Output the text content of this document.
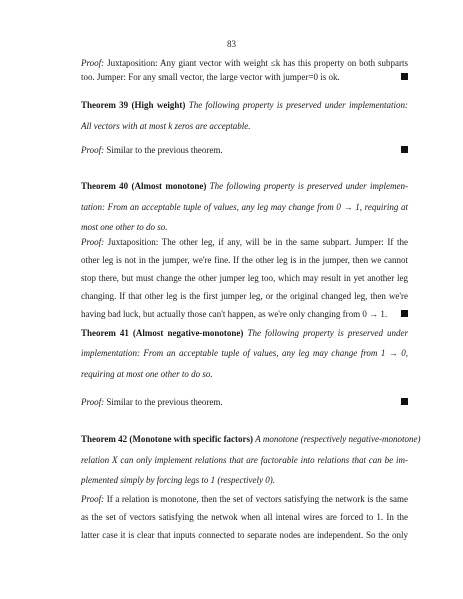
83
Proof: Juxtaposition: Any giant vector with weight ≤k has this property on both subparts
too. Jumper: For any small vector, the large vector with jumper=0 is ok.
Theorem 39 (High weight) The following property is preserved under implementation:
All vectors with at most k zeros are acceptable.
Proof: Similar to the previous theorem.
Theorem 40 (Almost monotone) The following property is preserved under implemen-
tation: From an acceptable tuple of values, any leg may change from 0 → 1, requiring at
most one other to do so.
Proof: Juxtaposition: The other leg, if any, will be in the same subpart. Jumper: If the
other leg is not in the jumper, we're fine. If the other leg is in the jumper, then we cannot
stop there, but must change the other jumper leg too, which may result in yet another leg
changing. If that other leg is the first jumper leg, or the original changed leg, then we're
having bad luck, but actually those can't happen, as we're only changing from 0 → 1.
Theorem 41 (Almost negative-monotone) The following property is preserved under
implementation: From an acceptable tuple of values, any leg may change from 1 → 0,
requiring at most one other to do so.
Proof: Similar to the previous theorem.
Theorem 42 (Monotone with specific factors) A monotone (respectively negative-monotone)
relation X can only implement relations that are factorable into relations that can be im-
plemented simply by forcing legs to 1 (respectively 0).
Proof: If a relation is monotone, then the set of vectors satisfying the network is the same
as the set of vectors satisfying the netwok when all intenal wires are forced to 1. In the
latter case it is clear that inputs connected to separate nodes are independent. So the only
